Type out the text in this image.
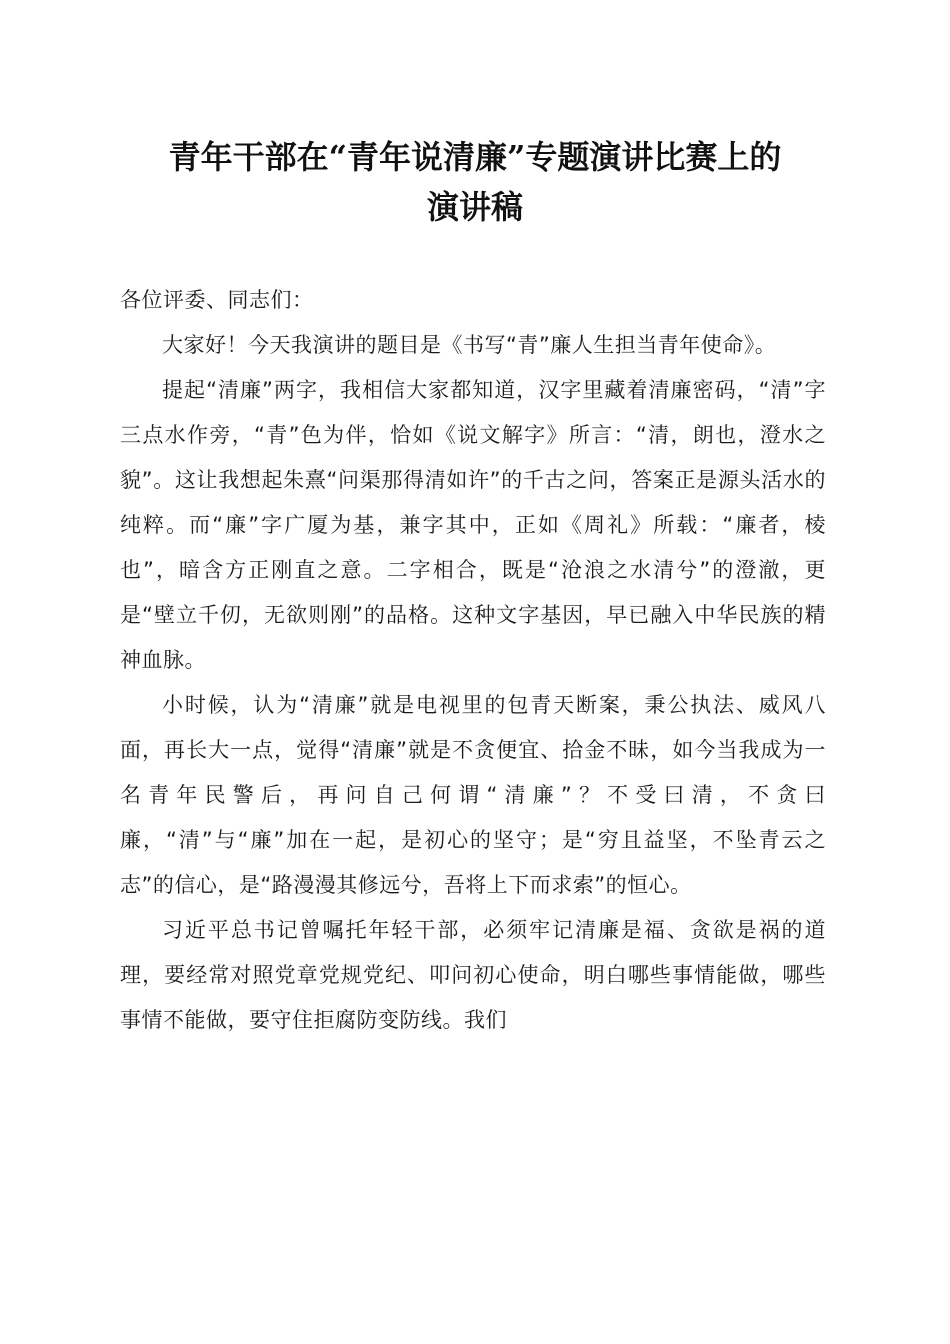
青年干部在“青年说清廉”专题演讲比赛上的
演讲稿

各位评委、同志们：

大家好！今天我演讲的题目是《书写“青”廉人生担当青年使命》。

提起“清廉”两字，我相信大家都知道，汉字里藏着清廉密码，“清”字三点水作旁，“青”色为伴，恰如《说文解字》所言：“清，朗也，澄水之貌”。这让我想起朱熹“问渠那得清如许”的千古之问，答案正是源头活水的纯粹。而“廉”字广厦为基，兼字其中，正如《周礼》所载：“廉者，棱也”，暗含方正刚直之意。二字相合，既是“沧浪之水清兮”的澄澈，更是“壁立千仞，无欲则刚”的品格。这种文字基因，早已融入中华民族的精神血脉。

小时候，认为“清廉”就是电视里的包青天断案，秉公执法、威风八面，再长大一点，觉得“清廉”就是不贪便宜、拾金不昧，如今当我成为一名青年民警后，再问自己何谓“清廉”？不受曰清，不贪曰廉，“清”与“廉”加在一起，是初心的坚守；是“穷且益坚，不坠青云之志”的信心，是“路漫漫其修远兮，吾将上下而求索”的恒心。

习近平总书记曾嘱托年轻干部，必须牢记清廉是福、贪欲是祸的道理，要经常对照党章党规党纪、叩问初心使命，明白哪些事情能做，哪些事情不能做，要守住拒腐防变防线。我们
